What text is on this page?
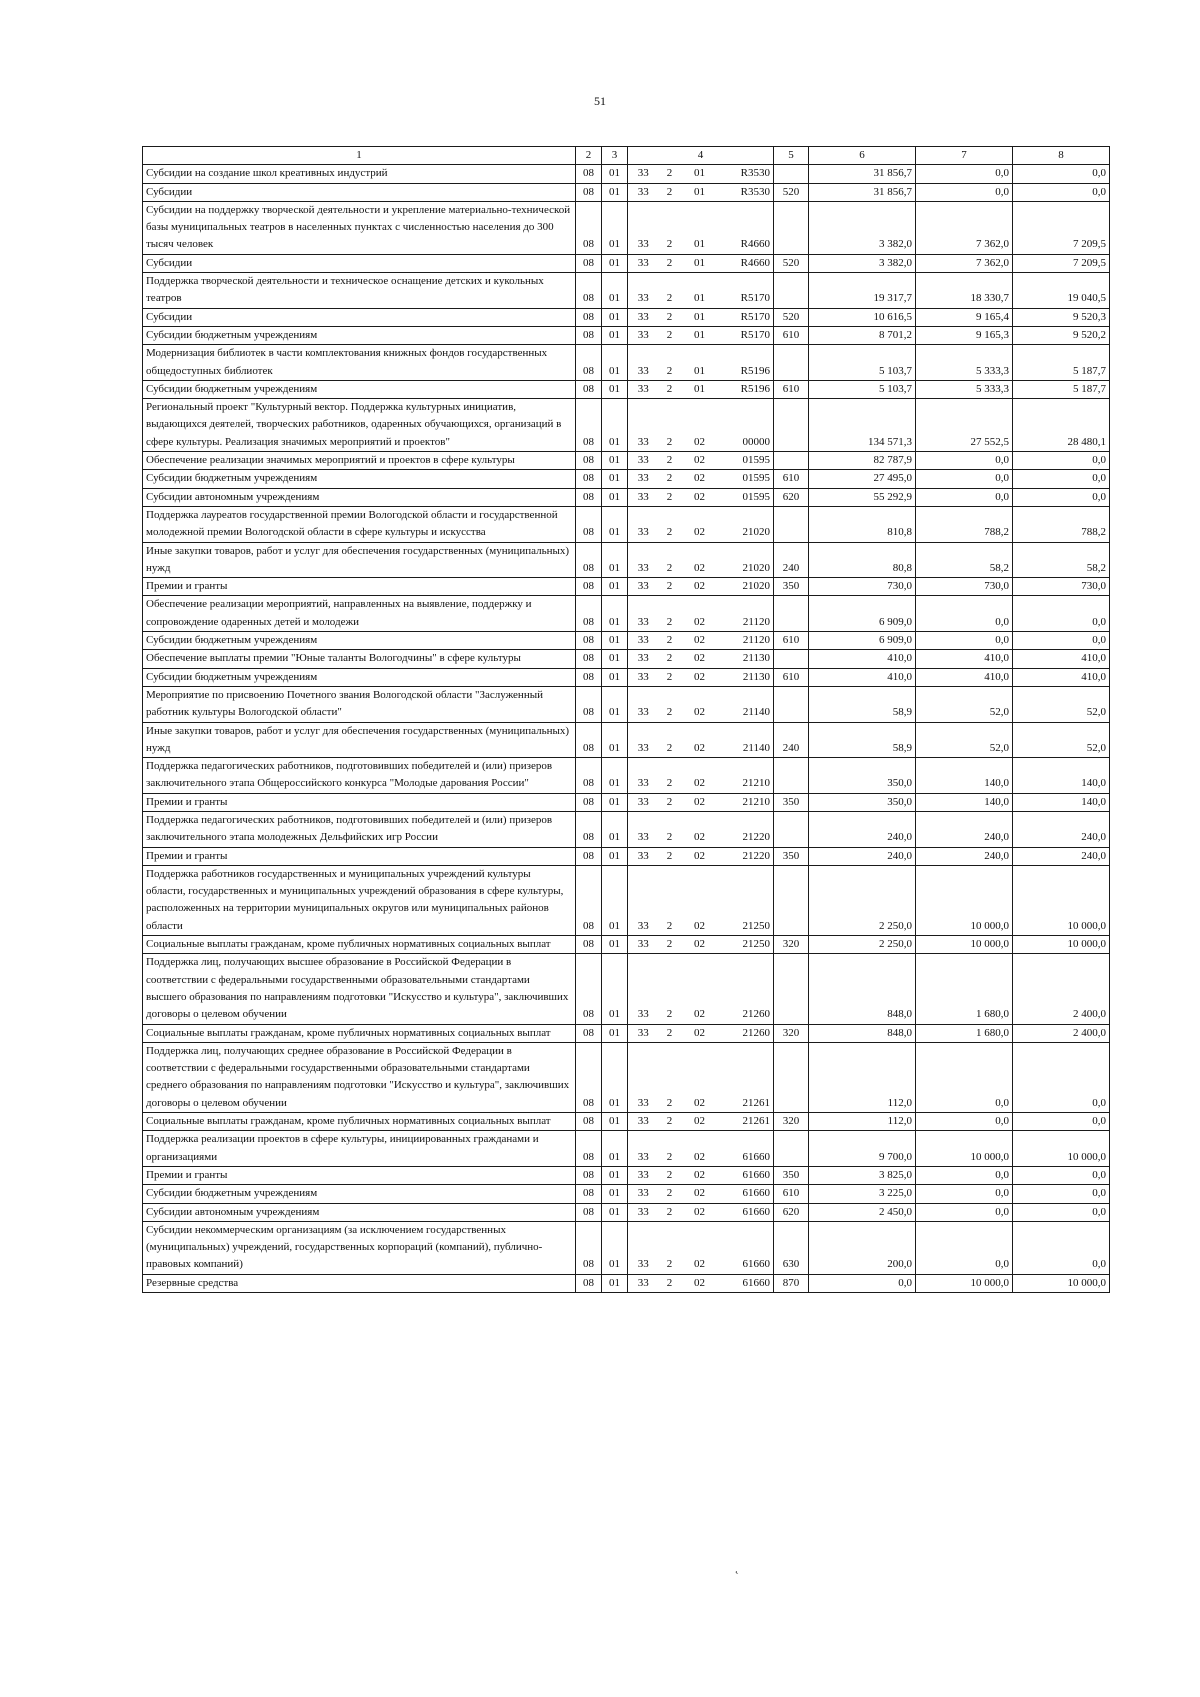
51
1	2	3	4				5	6	7	8
Субсидии на создание школ креативных индустрий	08	01	33	2	01	R3530		31 856,7	0,0	0,0
Субсидии	08	01	33	2	01	R3530	520	31 856,7	0,0	0,0
Субсидии на поддержку творческой деятельности и укрепление материально-технической базы муниципальных театров в населенных пунктах с численностью населения до 300 тысяч человек	08	01	33	2	01	R4660		3 382,0	7 362,0	7 209,5
Субсидии	08	01	33	2	01	R4660	520	3 382,0	7 362,0	7 209,5
Поддержка творческой деятельности и техническое оснащение детских и кукольных театров	08	01	33	2	01	R5170		19 317,7	18 330,7	19 040,5
Субсидии	08	01	33	2	01	R5170	520	10 616,5	9 165,4	9 520,3
Субсидии бюджетным учреждениям	08	01	33	2	01	R5170	610	8 701,2	9 165,3	9 520,2
Модернизация библиотек в части комплектования книжных фондов государственных общедоступных библиотек	08	01	33	2	01	R5196		5 103,7	5 333,3	5 187,7
Субсидии бюджетным учреждениям	08	01	33	2	01	R5196	610	5 103,7	5 333,3	5 187,7
Региональный проект "Культурный вектор. Поддержка культурных инициатив, выдающихся деятелей, творческих работников, одаренных обучающихся, организаций в сфере культуры. Реализация значимых мероприятий и проектов"	08	01	33	2	02	00000		134 571,3	27 552,5	28 480,1
Обеспечение реализации значимых мероприятий и проектов в сфере культуры	08	01	33	2	02	01595		82 787,9	0,0	0,0
Субсидии бюджетным учреждениям	08	01	33	2	02	01595	610	27 495,0	0,0	0,0
Субсидии автономным учреждениям	08	01	33	2	02	01595	620	55 292,9	0,0	0,0
Поддержка лауреатов государственной премии Вологодской области и государственной молодежной премии Вологодской области в сфере культуры и искусства	08	01	33	2	02	21020		810,8	788,2	788,2
Иные закупки товаров, работ и услуг для обеспечения государственных (муниципальных) нужд	08	01	33	2	02	21020	240	80,8	58,2	58,2
Премии и гранты	08	01	33	2	02	21020	350	730,0	730,0	730,0
Обеспечение реализации мероприятий, направленных на выявление, поддержку и сопровождение одаренных детей и молодежи	08	01	33	2	02	21120		6 909,0	0,0	0,0
Субсидии бюджетным учреждениям	08	01	33	2	02	21120	610	6 909,0	0,0	0,0
Обеспечение выплаты премии "Юные таланты Вологодчины" в сфере культуры	08	01	33	2	02	21130		410,0	410,0	410,0
Субсидии бюджетным учреждениям	08	01	33	2	02	21130	610	410,0	410,0	410,0
Мероприятие по присвоению Почетного звания Вологодской области "Заслуженный работник культуры Вологодской области"	08	01	33	2	02	21140		58,9	52,0	52,0
Иные закупки товаров, работ и услуг для обеспечения государственных (муниципальных) нужд	08	01	33	2	02	21140	240	58,9	52,0	52,0
Поддержка педагогических работников, подготовивших победителей и (или) призеров заключительного этапа Общероссийского конкурса "Молодые дарования России"	08	01	33	2	02	21210		350,0	140,0	140,0
Премии и гранты	08	01	33	2	02	21210	350	350,0	140,0	140,0
Поддержка педагогических работников, подготовивших победителей и (или) призеров заключительного этапа молодежных Дельфийских игр России	08	01	33	2	02	21220		240,0	240,0	240,0
Премии и гранты	08	01	33	2	02	21220	350	240,0	240,0	240,0
Поддержка работников государственных и муниципальных учреждений культуры области, государственных и муниципальных учреждений образования в сфере культуры, расположенных на территории муниципальных округов или муниципальных районов области	08	01	33	2	02	21250		2 250,0	10 000,0	10 000,0
Социальные выплаты гражданам, кроме публичных нормативных социальных выплат	08	01	33	2	02	21250	320	2 250,0	10 000,0	10 000,0
Поддержка лиц, получающих высшее образование в Российской Федерации в соответствии с федеральными государственными образовательными стандартами высшего образования по направлениям подготовки "Искусство и культура", заключивших договоры о целевом обучении	08	01	33	2	02	21260		848,0	1 680,0	2 400,0
Социальные выплаты гражданам, кроме публичных нормативных социальных выплат	08	01	33	2	02	21260	320	848,0	1 680,0	2 400,0
Поддержка лиц, получающих среднее образование в Российской Федерации в соответствии с федеральными государственными образовательными стандартами среднего образования по направлениям подготовки "Искусство и культура", заключивших договоры о целевом обучении	08	01	33	2	02	21261		112,0	0,0	0,0
Социальные выплаты гражданам, кроме публичных нормативных социальных выплат	08	01	33	2	02	21261	320	112,0	0,0	0,0
Поддержка реализации проектов в сфере культуры, инициированных гражданами и организациями	08	01	33	2	02	61660		9 700,0	10 000,0	10 000,0
Премии и гранты	08	01	33	2	02	61660	350	3 825,0	0,0	0,0
Субсидии бюджетным учреждениям	08	01	33	2	02	61660	610	3 225,0	0,0	0,0
Субсидии автономным учреждениям	08	01	33	2	02	61660	620	2 450,0	0,0	0,0
Субсидии некоммерческим организациям (за исключением государственных (муниципальных) учреждений, государственных корпораций (компаний), публично-правовых компаний)	08	01	33	2	02	61660	630	200,0	0,0	0,0
Резервные средства	08	01	33	2	02	61660	870	0,0	10 000,0	10 000,0
˛
